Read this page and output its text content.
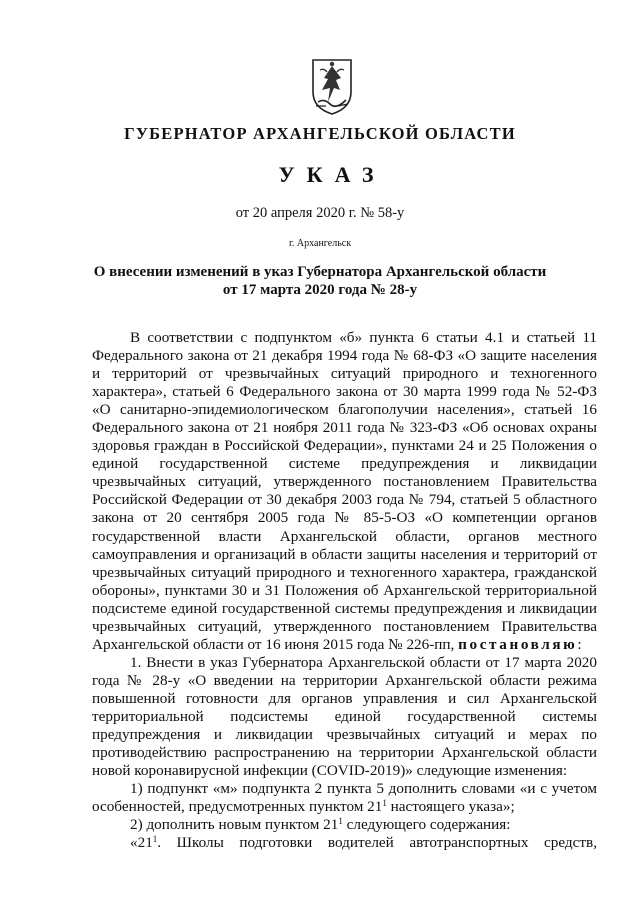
ГУБЕРНАТОР АРХАНГЕЛЬСКОЙ ОБЛАСТИ
УКАЗ
от 20 апреля 2020 г. № 58-у
г. Архангельск
О внесении изменений в указ Губернатора Архангельской области
от 17 марта 2020 года № 28-у

В соответствии с подпунктом «б» пункта 6 статьи 4.1 и статьей 11 Федерального закона от 21 декабря 1994 года № 68-ФЗ «О защите населения и территорий от чрезвычайных ситуаций природного и техногенного характера», статьей 6 Федерального закона от 30 марта 1999 года № 52-ФЗ «О санитарно-эпидемиологическом благополучии населения», статьей 16 Федерального закона от 21 ноября 2011 года № 323-ФЗ «Об основах охраны здоровья граждан в Российской Федерации», пунктами 24 и 25 Положения о единой государственной системе предупреждения и ликвидации чрезвычайных ситуаций, утвержденного постановлением Правительства Российской Федерации от 30 декабря 2003 года № 794, статьей 5 областного закона от 20 сентября 2005 года № 85-5-ОЗ «О компетенции органов государственной власти Архангельской области, органов местного самоуправления и организаций в области защиты населения и территорий от чрезвычайных ситуаций природного и техногенного характера, гражданской обороны», пунктами 30 и 31 Положения об Архангельской территориальной подсистеме единой государственной системы предупреждения и ликвидации чрезвычайных ситуаций, утвержденного постановлением Правительства Архангельской области от 16 июня 2015 года № 226-пп, постановляю:

1. Внести в указ Губернатора Архангельской области от 17 марта 2020 года № 28-у «О введении на территории Архангельской области режима повышенной готовности для органов управления и сил Архангельской территориальной подсистемы единой государственной системы предупреждения и ликвидации чрезвычайных ситуаций и мерах по противодействию распространению на территории Архангельской области новой коронавирусной инфекции (COVID-2019)» следующие изменения:

1) подпункт «м» подпункта 2 пункта 5 дополнить словами «и с учетом особенностей, предусмотренных пунктом $21^1$ настоящего указа»;

2) дополнить новым пунктом $21^1$ следующего содержания:

«$21^1$. Школы подготовки водителей автотранспортных средств,
